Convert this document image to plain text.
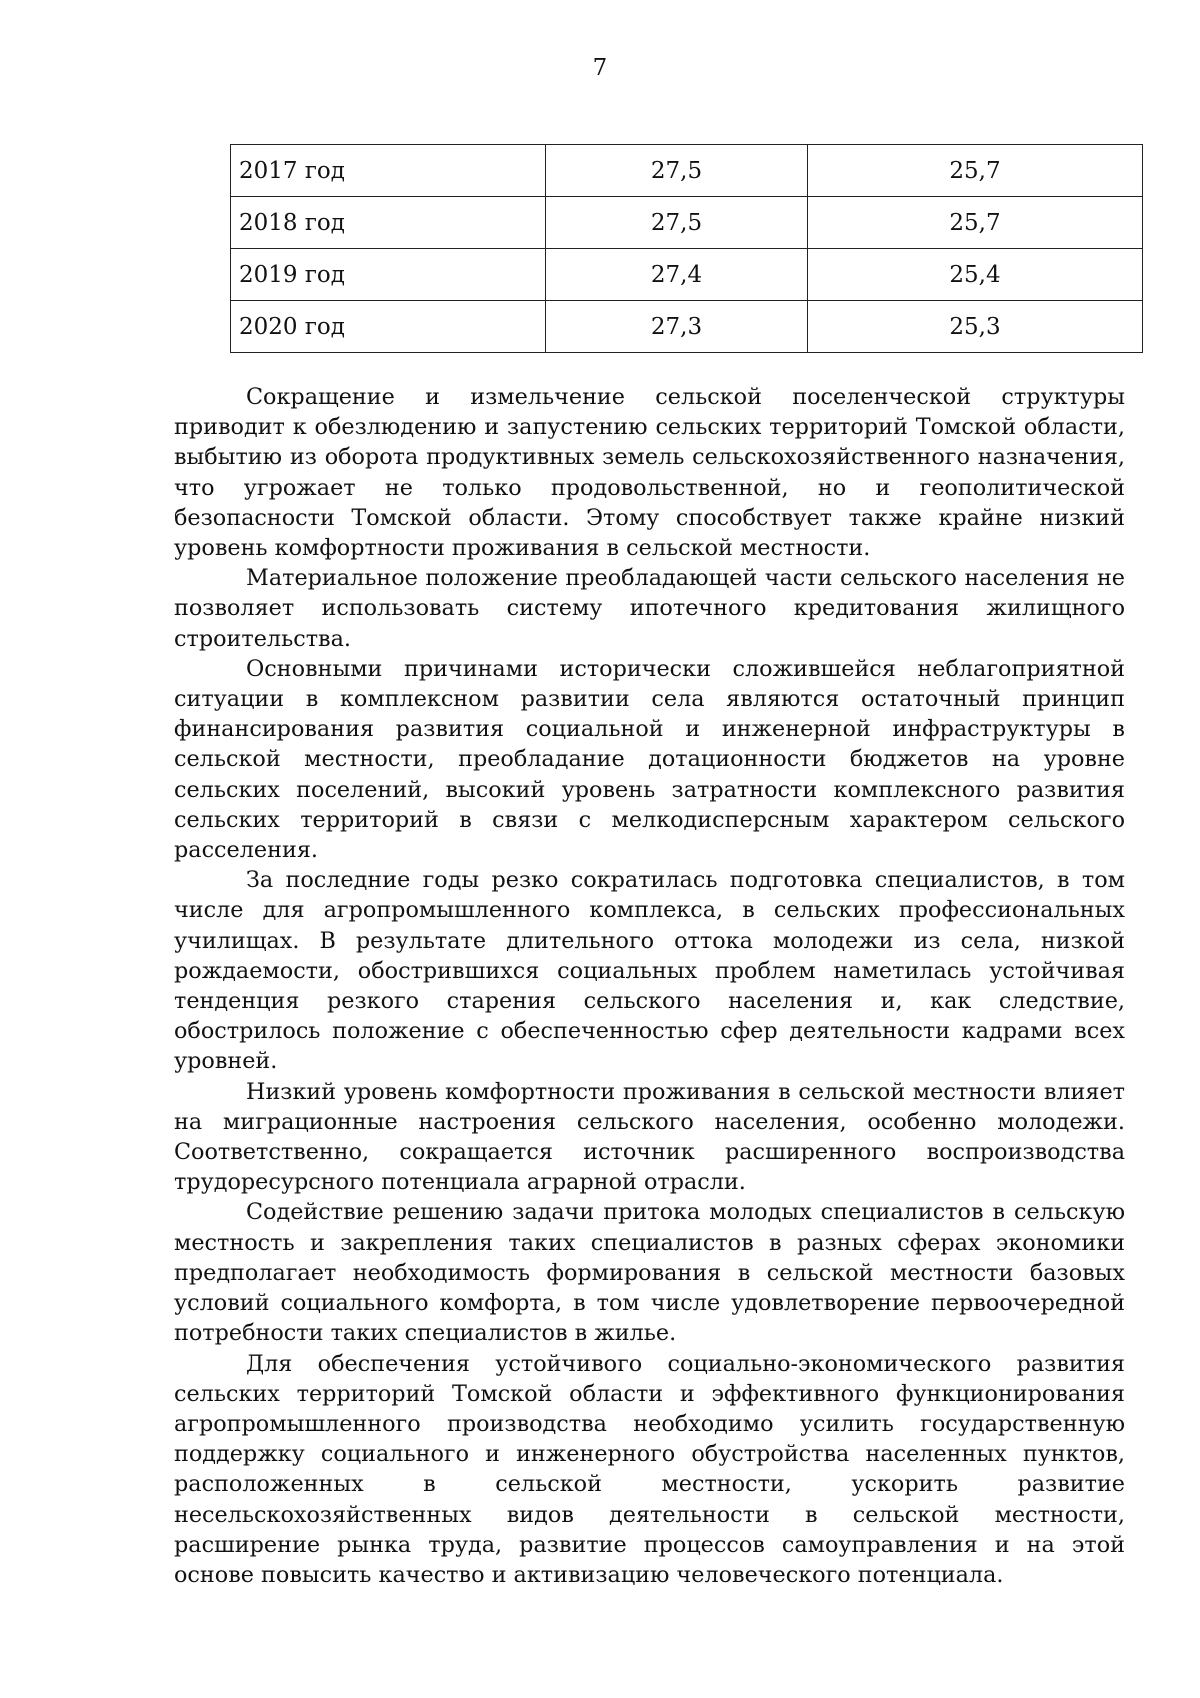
7
2017 год	27,5	25,7
2018 год	27,5	25,7
2019 год	27,4	25,4
2020 год	27,3	25,3

Сокращение и измельчение сельской поселенческой структуры приводит к обезлюдению и запустению сельских территорий Томской области, выбытию из оборота продуктивных земель сельскохозяйственного назначения, что угрожает не только продовольственной, но и геополитической безопасности Томской области. Этому способствует также крайне низкий уровень комфортности проживания в сельской местности.

Материальное положение преобладающей части сельского населения не позволяет использовать систему ипотечного кредитования жилищного строительства.

Основными причинами исторически сложившейся неблагоприятной ситуации в комплексном развитии села являются остаточный принцип финансирования развития социальной и инженерной инфраструктуры в сельской местности, преобладание дотационности бюджетов на уровне сельских поселений, высокий уровень затратности комплексного развития сельских территорий в связи с мелкодисперсным характером сельского расселения.

За последние годы резко сократилась подготовка специалистов, в том числе для агропромышленного комплекса, в сельских профессиональных училищах. В результате длительного оттока молодежи из села, низкой рождаемости, обострившихся социальных проблем наметилась устойчивая тенденция резкого старения сельского населения и, как следствие, обострилось положение с обеспеченностью сфер деятельности кадрами всех уровней.

Низкий уровень комфортности проживания в сельской местности влияет на миграционные настроения сельского населения, особенно молодежи. Соответственно, сокращается источник расширенного воспроизводства трудоресурсного потенциала аграрной отрасли.

Содействие решению задачи притока молодых специалистов в сельскую местность и закрепления таких специалистов в разных сферах экономики предполагает необходимость формирования в сельской местности базовых условий социального комфорта, в том числе удовлетворение первоочередной потребности таких специалистов в жилье.

Для обеспечения устойчивого социально-экономического развития сельских территорий Томской области и эффективного функционирования агропромышленного производства необходимо усилить государственную поддержку социального и инженерного обустройства населенных пунктов, расположенных в сельской местности, ускорить развитие несельскохозяйственных видов деятельности в сельской местности, расширение рынка труда, развитие процессов самоуправления и на этой основе повысить качество и активизацию человеческого потенциала.
